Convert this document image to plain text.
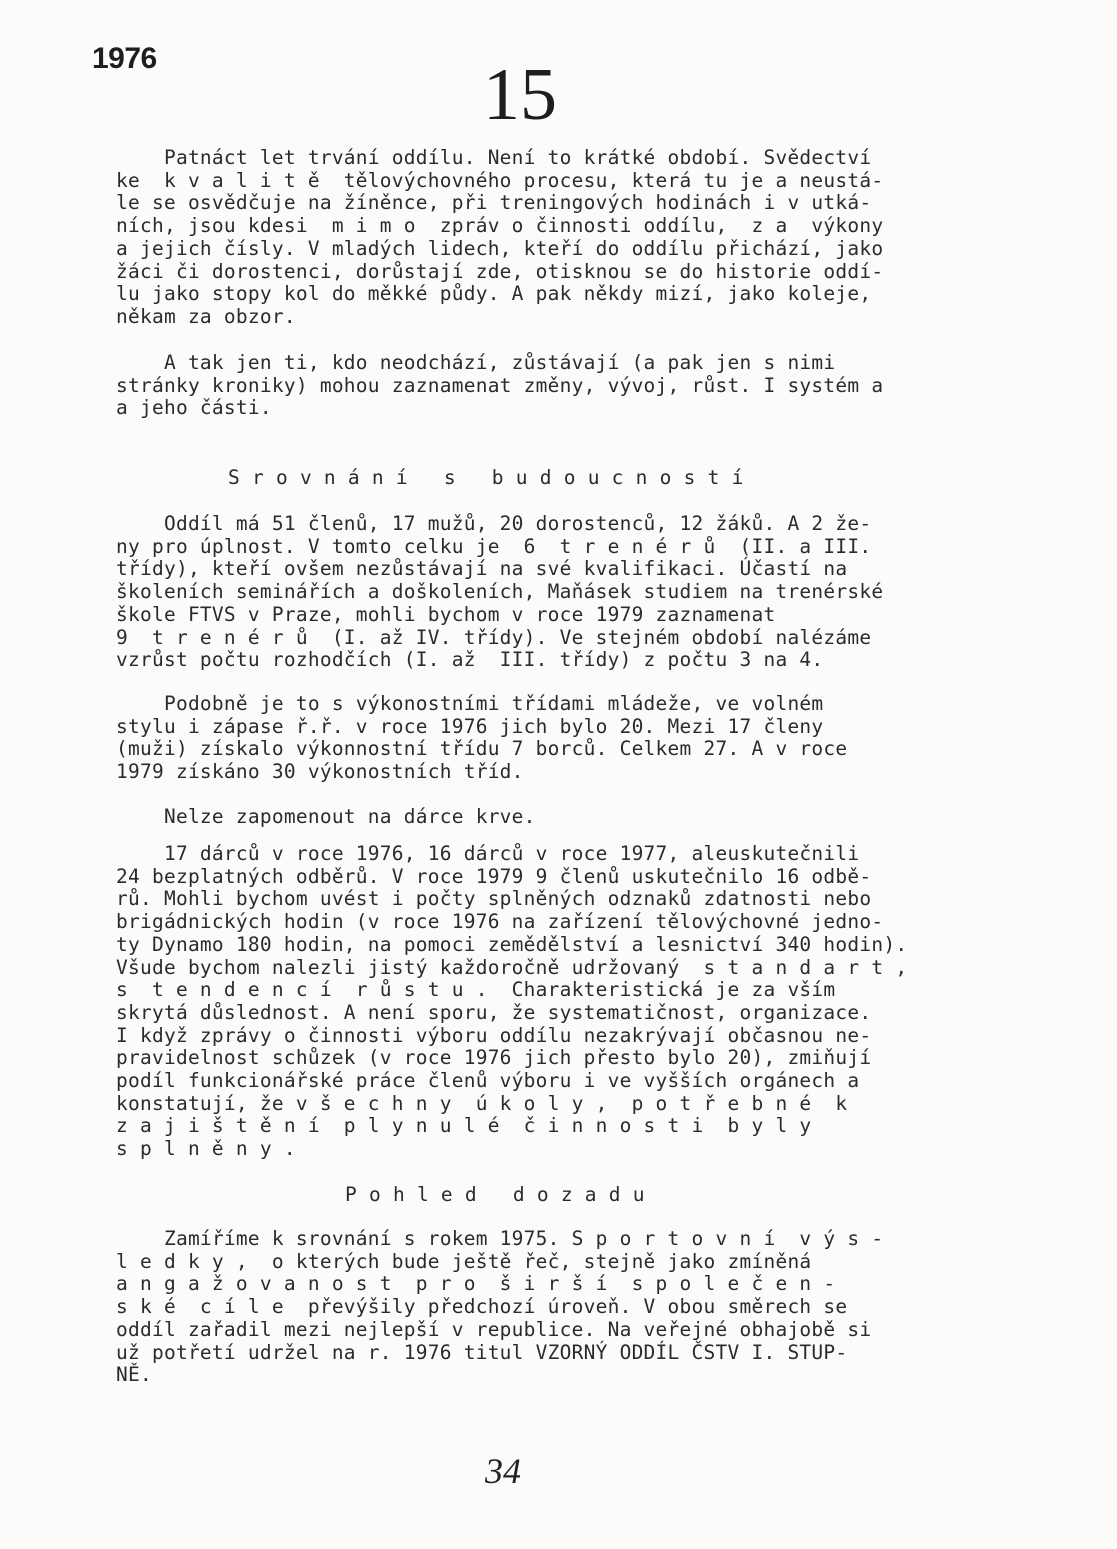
1976	15
Patnáct let trvání oddílu. Není to krátké období. Svědectví
ke  k v a l i t ě  tělovýchovného procesu, která tu je a neustá-
le se osvědčuje na žíněnce, při treningových hodinách i v utká-
ních, jsou kdesi  m i m o  zpráv o činnosti oddílu,  z a  výkony
a jejich čísly. V mladých lidech, kteří do oddílu přichází, jako
žáci či dorostenci, dorůstají zde, otisknou se do historie oddí-
lu jako stopy kol do měkké půdy. A pak někdy mizí, jako koleje,
někam za obzor.
A tak jen ti, kdo neodchází, zůstávají (a pak jen s nimi
stránky kroniky) mohou zaznamenat změny, vývoj, růst. I systém a
a jeho části.
S r o v n á n í   s   b u d o u c n o s t í
Oddíl má 51 členů, 17 mužů, 20 dorostenců, 12 žáků. A 2 že-
ny pro úplnost. V tomto celku je  6  t r e n é r ů  (II. a III.
třídy), kteří ovšem nezůstávají na své kvalifikaci. Účastí na
školeních seminářích a doškoleních, Maňásek studiem na trenérské
škole FTVS v Praze, mohli bychom v roce 1979 zaznamenat
9  t r e n é r ů  (I. až IV. třídy). Ve stejném období nalézáme
vzrůst počtu rozhodčích (I. až  III. třídy) z počtu 3 na 4.
Podobně je to s výkonostními třídami mládeže, ve volném
stylu i zápase ř.ř. v roce 1976 jich bylo 20. Mezi 17 členy
(muži) získalo výkonnostní třídu 7 borců. Celkem 27. A v roce
1979 získáno 30 výkonostních tříd.
Nelze zapomenout na dárce krve.
17 dárců v roce 1976, 16 dárců v roce 1977, aleuskutečnili
24 bezplatných odběrů. V roce 1979 9 členů uskutečnilo 16 odbě-
rů. Mohli bychom uvést i počty splněných odznaků zdatnosti nebo
brigádnických hodin (v roce 1976 na zařízení tělovýchovné jedno-
ty Dynamo 180 hodin, na pomoci zemědělství a lesnictví 340 hodin).
Všude bychom nalezli jistý každoročně udržovaný  s t a n d a r t ,
s  t e n d e n c í  r ů s t u .  Charakteristická je za vším
skrytá důslednost. A není sporu, že systematičnost, organizace.
I když zprávy o činnosti výboru oddílu nezakrývají občasnou ne-
pravidelnost schůzek (v roce 1976 jich přesto bylo 20), zmiňují
podíl funkcionářské práce členů výboru i ve vyšších orgánech a
konstatují, že v š e c h n y  ú k o l y ,  p o t ř e b n é  k
z a j i š t ě n í  p l y n u l é  č i n n o s t i  b y l y
s p l n ě n y .
P o h l e d   d o z a d u
Zamíříme k srovnání s rokem 1975. S p o r t o v n í  v ý s -
l e d k y ,  o kterých bude ještě řeč, stejně jako zmíněná
a n g a ž o v a n o s t  p r o  š i r š í  s p o l e č e n -
s k é  c í l e  převýšily předchozí úroveň. V obou směrech se
oddíl zařadil mezi nejlepší v republice. Na veřejné obhajobě si
už potřetí udržel na r. 1976 titul VZORNÝ ODDÍL ČSTV I. STUP-
NĚ.
34
